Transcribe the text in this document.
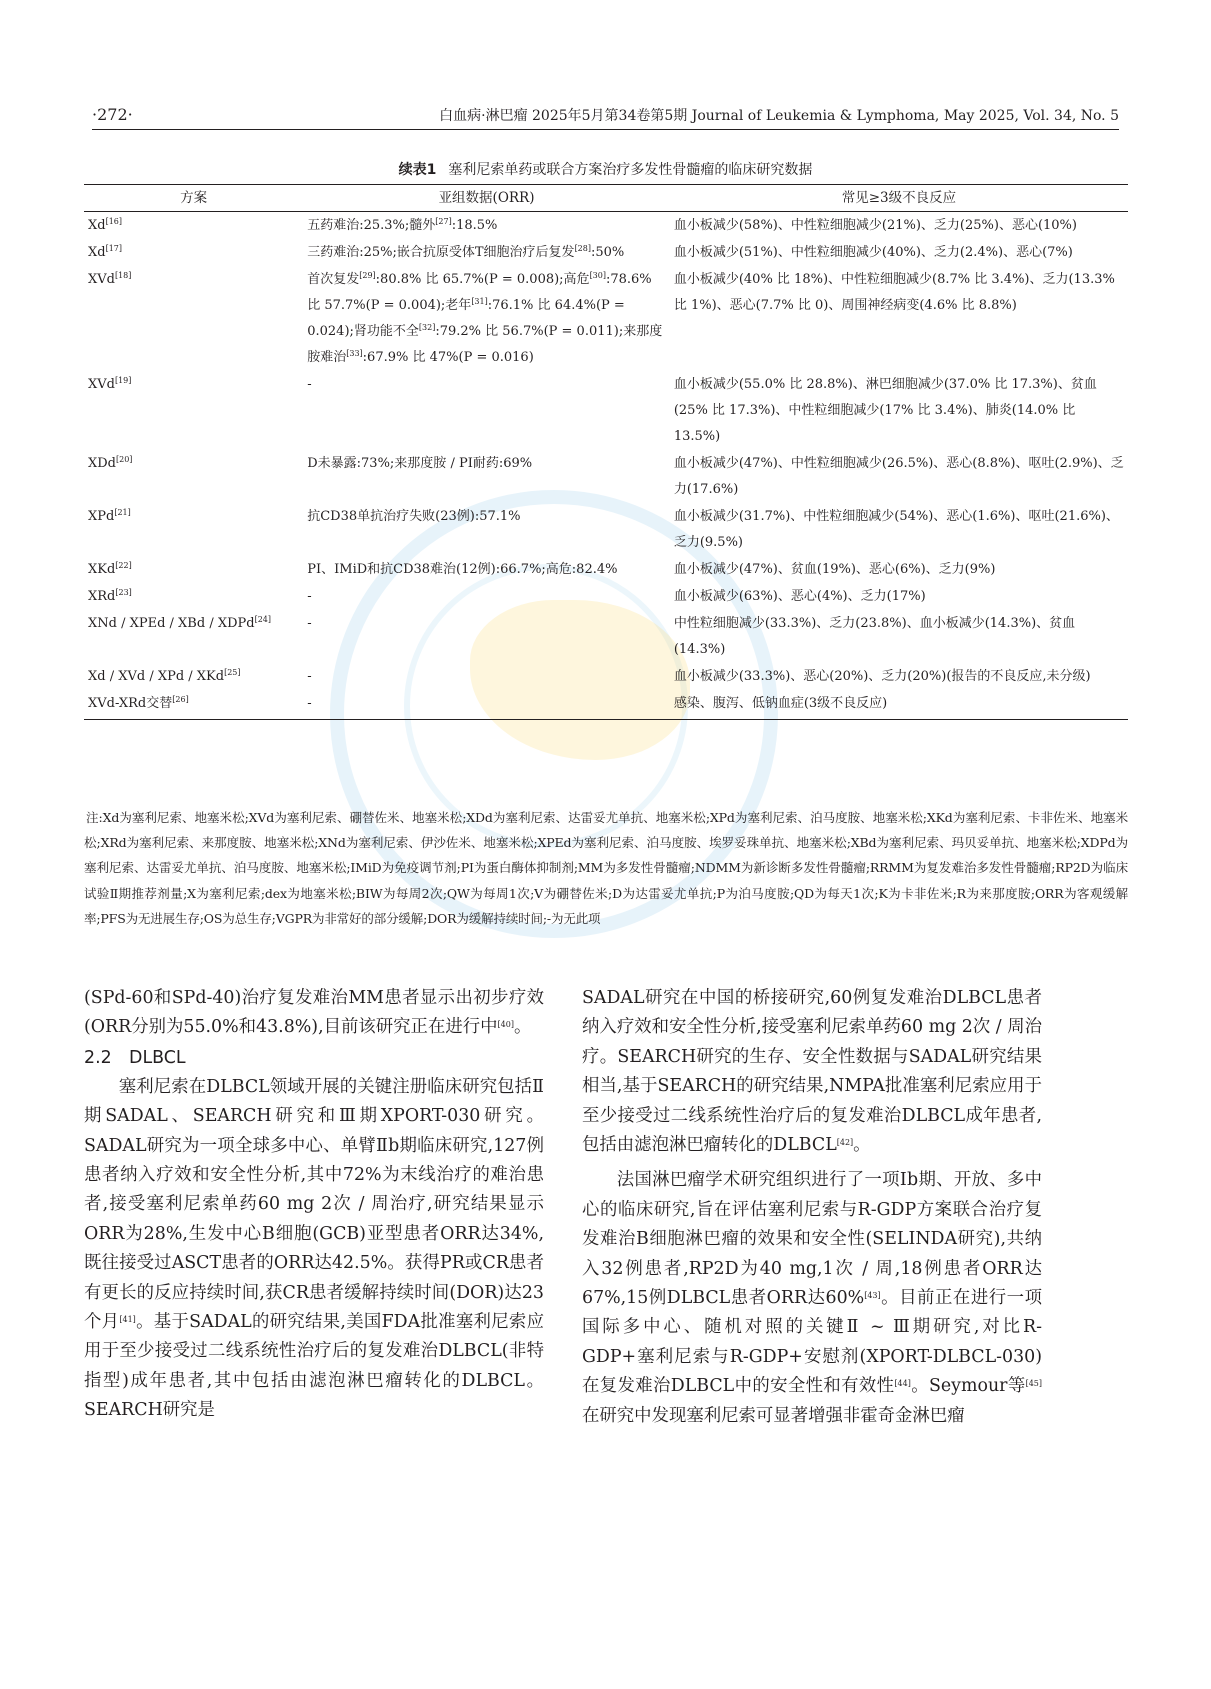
·272·	白血病·淋巴瘤 2025年5月第34卷第5期 Journal of Leukemia & Lymphoma, May 2025, Vol. 34, No. 5
续表1 塞利尼索单药或联合方案治疗多发性骨髓瘤的临床研究数据
方案	亚组数据(ORR)	常见≥3级不良反应
Xd[16]	五药难治:25.3%;髓外[27]:18.5%	血小板减少(58%)、中性粒细胞减少(21%)、乏力(25%)、恶心(10%)
Xd[17]	三药难治:25%;嵌合抗原受体T细胞治疗后复发[28]:50%	血小板减少(51%)、中性粒细胞减少(40%)、乏力(2.4%)、恶心(7%)
XVd[18]	首次复发[29]:80.8% 比 65.7%(P = 0.008);高危[30]:78.6% 比 57.7%(P = 0.004);老年[31]:76.1% 比 64.4%(P = 0.024);肾功能不全[32]:79.2% 比 56.7%(P = 0.011);来那度胺难治[33]:67.9% 比 47%(P = 0.016)	血小板减少(40% 比 18%)、中性粒细胞减少(8.7% 比 3.4%)、乏力(13.3% 比 1%)、恶心(7.7% 比 0)、周围神经病变(4.6% 比 8.8%)
XVd[19]	-	血小板减少(55.0% 比 28.8%)、淋巴细胞减少(37.0% 比 17.3%)、贫血(25% 比 17.3%)、中性粒细胞减少(17% 比 3.4%)、肺炎(14.0% 比 13.5%)
XDd[20]	D未暴露:73%;来那度胺 / PI耐药:69%	血小板减少(47%)、中性粒细胞减少(26.5%)、恶心(8.8%)、呕吐(2.9%)、乏力(17.6%)
XPd[21]	抗CD38单抗治疗失败(23例):57.1%	血小板减少(31.7%)、中性粒细胞减少(54%)、恶心(1.6%)、呕吐(21.6%)、乏力(9.5%)
XKd[22]	PI、IMiD和抗CD38难治(12例):66.7%;高危:82.4%	血小板减少(47%)、贫血(19%)、恶心(6%)、乏力(9%)
XRd[23]	-	血小板减少(63%)、恶心(4%)、乏力(17%)
XNd / XPEd / XBd / XDPd[24]	-	中性粒细胞减少(33.3%)、乏力(23.8%)、血小板减少(14.3%)、贫血(14.3%)
Xd / XVd / XPd / XKd[25]	-	血小板减少(33.3%)、恶心(20%)、乏力(20%)(报告的不良反应,未分级)
XVd-XRd交替[26]	-	感染、腹泻、低钠血症(3级不良反应)
注:Xd为塞利尼索、地塞米松;XVd为塞利尼索、硼替佐米、地塞米松;XDd为塞利尼索、达雷妥尤单抗、地塞米松;XPd为塞利尼索、泊马度胺、地塞米松;XKd为塞利尼索、卡非佐米、地塞米松;XRd为塞利尼索、来那度胺、地塞米松;XNd为塞利尼索、伊沙佐米、地塞米松;XPEd为塞利尼索、泊马度胺、埃罗妥珠单抗、地塞米松;XBd为塞利尼索、玛贝妥单抗、地塞米松;XDPd为塞利尼索、达雷妥尤单抗、泊马度胺、地塞米松;IMiD为免疫调节剂;PI为蛋白酶体抑制剂;MM为多发性骨髓瘤;NDMM为新诊断多发性骨髓瘤;RRMM为复发难治多发性骨髓瘤;RP2D为临床试验Ⅱ期推荐剂量;X为塞利尼索;dex为地塞米松;BIW为每周2次;QW为每周1次;V为硼替佐米;D为达雷妥尤单抗;P为泊马度胺;QD为每天1次;K为卡非佐米;R为来那度胺;ORR为客观缓解率;PFS为无进展生存;OS为总生存;VGPR为非常好的部分缓解;DOR为缓解持续时间;-为无此项

(SPd-60和SPd-40)治疗复发难治MM患者显示出初步疗效(ORR分别为55.0%和43.8%),目前该研究正在进行中[40]。

2.2　DLBCL

塞利尼索在DLBCL领域开展的关键注册临床研究包括Ⅱ期SADAL、SEARCH研究和Ⅲ期XPORT-030研究。SADAL研究为一项全球多中心、单臂Ⅱb期临床研究,127例患者纳入疗效和安全性分析,其中72%为末线治疗的难治患者,接受塞利尼索单药60 mg 2次 / 周治疗,研究结果显示ORR为28%,生发中心B细胞(GCB)亚型患者ORR达34%,既往接受过ASCT患者的ORR达42.5%。获得PR或CR患者有更长的反应持续时间,获CR患者缓解持续时间(DOR)达23个月[41]。基于SADAL的研究结果,美国FDA批准塞利尼索应用于至少接受过二线系统性治疗后的复发难治DLBCL(非特指型)成年患者,其中包括由滤泡淋巴瘤转化的DLBCL。SEARCH研究是

SADAL研究在中国的桥接研究,60例复发难治DLBCL患者纳入疗效和安全性分析,接受塞利尼索单药60 mg 2次 / 周治疗。SEARCH研究的生存、安全性数据与SADAL研究结果相当,基于SEARCH的研究结果,NMPA批准塞利尼索应用于至少接受过二线系统性治疗后的复发难治DLBCL成年患者,包括由滤泡淋巴瘤转化的DLBCL[42]。

法国淋巴瘤学术研究组织进行了一项Ⅰb期、开放、多中心的临床研究,旨在评估塞利尼索与R-GDP方案联合治疗复发难治B细胞淋巴瘤的效果和安全性(SELINDA研究),共纳入32例患者,RP2D为40 mg,1次 / 周,18例患者ORR达67%,15例DLBCL患者ORR达60%[43]。目前正在进行一项国际多中心、随机对照的关键Ⅱ ~ Ⅲ期研究,对比R-GDP+塞利尼索与R-GDP+安慰剂(XPORT-DLBCL-030)在复发难治DLBCL中的安全性和有效性[44]。Seymour等[45]在研究中发现塞利尼索可显著增强非霍奇金淋巴瘤
